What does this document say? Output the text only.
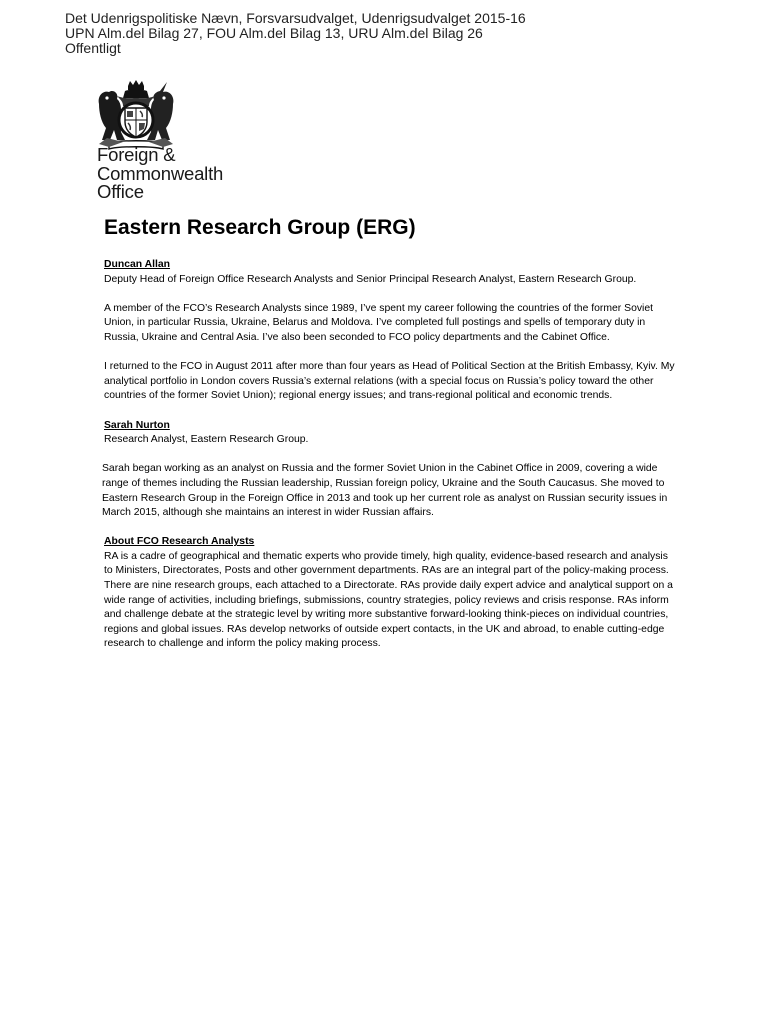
Det Udenrigspolitiske Nævn, Forsvarsudvalget, Udenrigsudvalget 2015-16
UPN Alm.del Bilag 27, FOU Alm.del Bilag 13, URU Alm.del Bilag 26
Offentligt
Foreign &
Commonwealth
Office
Eastern Research Group (ERG)
Duncan Allan
Deputy Head of Foreign Office Research Analysts and Senior Principal Research Analyst, Eastern Research Group.

A member of the FCO’s Research Analysts since 1989, I’ve spent my career following the countries of the former Soviet Union, in particular Russia, Ukraine, Belarus and Moldova. I’ve completed full postings and spells of temporary duty in Russia, Ukraine and Central Asia. I’ve also been seconded to FCO policy departments and the Cabinet Office.

I returned to the FCO in August 2011 after more than four years as Head of Political Section at the British Embassy, Kyiv. My analytical portfolio in London covers Russia’s external relations (with a special focus on Russia’s policy toward the other countries of the former Soviet Union); regional energy issues; and trans-regional political and economic trends.

Sarah Nurton
Research Analyst, Eastern Research Group.

Sarah began working as an analyst on Russia and the former Soviet Union in the Cabinet Office in 2009, covering a wide range of themes including the Russian leadership, Russian foreign policy, Ukraine and the South Caucasus. She moved to Eastern Research Group in the Foreign Office in 2013 and took up her current role as analyst on Russian security issues in March 2015, although she maintains an interest in wider Russian affairs.

About FCO Research Analysts
RA is a cadre of geographical and thematic experts who provide timely, high quality, evidence-based research and analysis to Ministers, Directorates, Posts and other government departments. RAs are an integral part of the policy-making process. There are nine research groups, each attached to a Directorate. RAs provide daily expert advice and analytical support on a wide range of activities, including briefings, submissions, country strategies, policy reviews and crisis response. RAs inform and challenge debate at the strategic level by writing more substantive forward-looking think-pieces on individual countries, regions and global issues. RAs develop networks of outside expert contacts, in the UK and abroad, to enable cutting-edge research to challenge and inform the policy making process.
